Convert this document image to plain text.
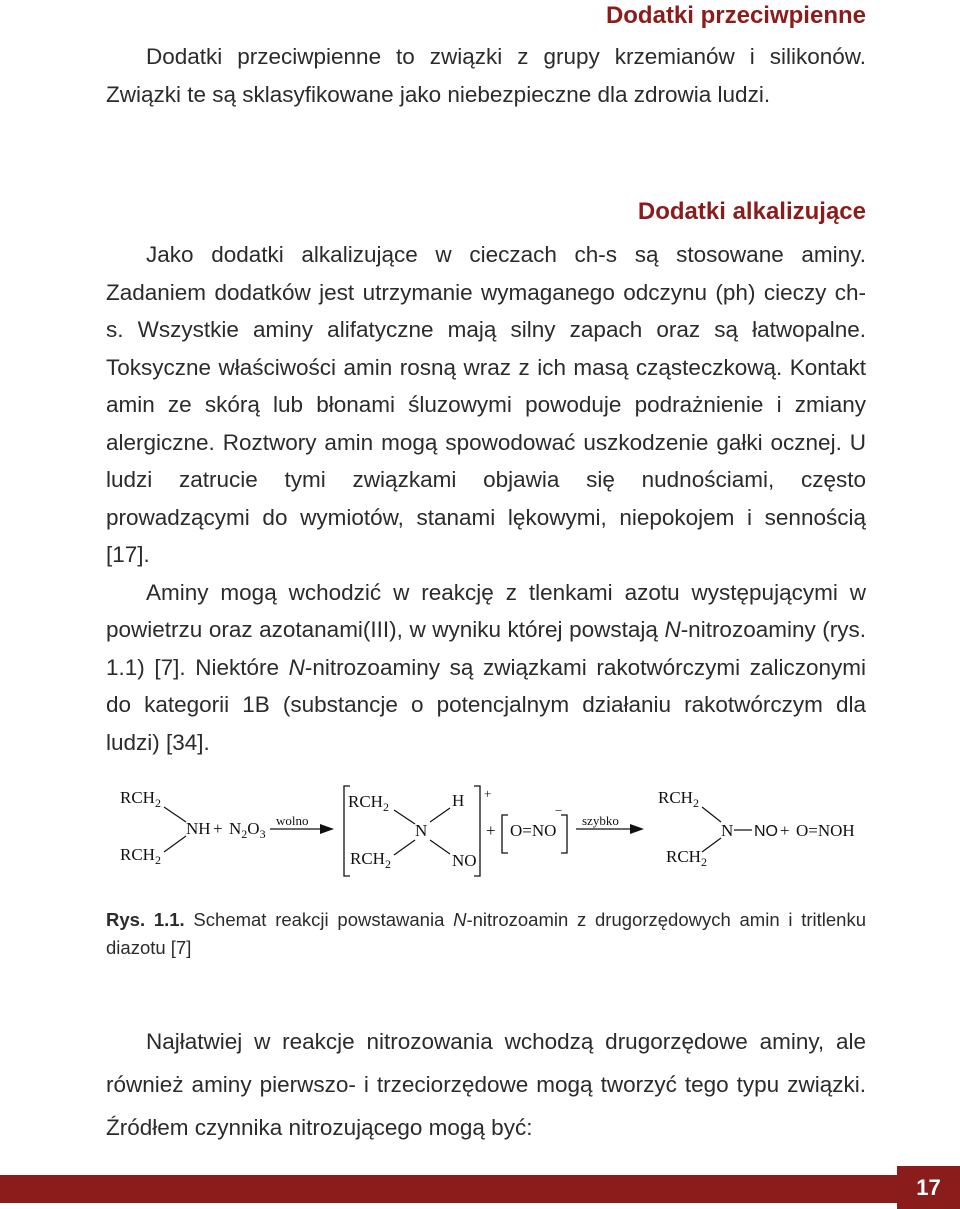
Dodatki przeciwpienne

Dodatki przeciwpienne to związki z grupy krzemianów i silikonów. Związki te są sklasyfikowane jako niebezpieczne dla zdrowia ludzi.

Dodatki alkalizujące

Jako dodatki alkalizujące w cieczach ch-s są stosowane aminy. Zadaniem dodatków jest utrzymanie wymaganego odczynu (ph) cieczy ch-s. Wszystkie aminy alifatyczne mają silny zapach oraz są łatwopalne. Toksyczne właściwości amin rosną wraz z ich masą cząsteczkową. Kontakt amin ze skórą lub błonami śluzowymi powoduje podrażnienie i zmiany alergiczne. Roztwory amin mogą spowodować uszkodzenie gałki ocznej. U ludzi zatrucie tymi związkami objawia się nudnościami, często prowadzącymi do wymiotów, stanami lękowymi, niepokojem i sennością [17].

Aminy mogą wchodzić w reakcję z tlenkami azotu występującymi w powietrzu oraz azotanami(III), w wyniku której powstają N-nitrozoaminy (rys. 1.1) [7]. Niektóre N-nitrozoaminy są związkami rakotwórczymi zaliczonymi do kategorii 1B (substancje o potencjalnym działaniu rakotwórczym dla ludzi) [34].

$RCH_2$
$RCH_2$
NH + $N_2O_3$
wolno
$RCH_2$
N
H
$RCH_2$	NO
+
+ O=NO
−
szybko
$RCH_2$
N NO
$RCH_2$
+ O=NOH
Rys. 1.1. Schemat reakcji powstawania N-nitrozoamin z drugorzędowych amin i tritlenku diazotu [7]

Najłatwiej w reakcje nitrozowania wchodzą drugorzędowe aminy, ale również aminy pierwszo- i trzeciorzędowe mogą tworzyć tego typu związki. Źródłem czynnika nitrozującego mogą być:

17
